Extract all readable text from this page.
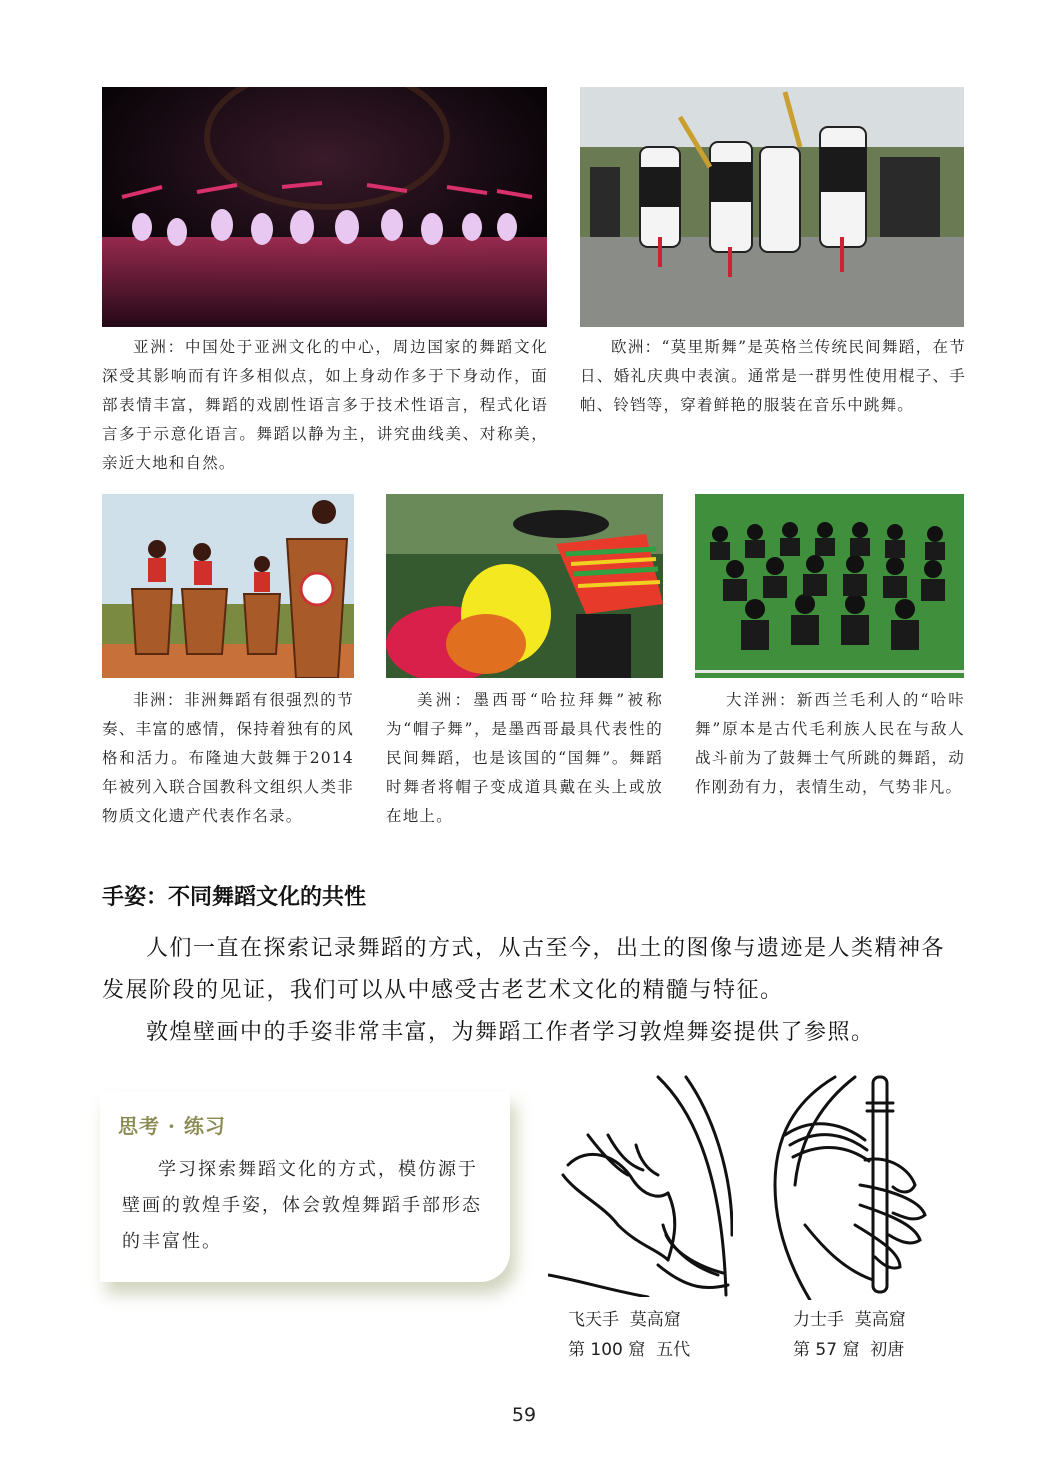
亚洲：中国处于亚洲文化的中心，周边国家的舞蹈文化深受其影响而有许多相似点，如上身动作多于下身动作，面部表情丰富，舞蹈的戏剧性语言多于技术性语言，程式化语言多于示意化语言。舞蹈以静为主，讲究曲线美、对称美，亲近大地和自然。
欧洲：“莫里斯舞”是英格兰传统民间舞蹈，在节日、婚礼庆典中表演。通常是一群男性使用棍子、手帕、铃铛等，穿着鲜艳的服装在音乐中跳舞。
非洲：非洲舞蹈有很强烈的节奏、丰富的感情，保持着独有的风格和活力。布隆迪大鼓舞于2014年被列入联合国教科文组织人类非物质文化遗产代表作名录。
美洲：墨西哥“哈拉拜舞”被称为“帽子舞”，是墨西哥最具代表性的民间舞蹈，也是该国的“国舞”。舞蹈时舞者将帽子变成道具戴在头上或放在地上。
大洋洲：新西兰毛利人的“哈咔舞”原本是古代毛利族人民在与敌人战斗前为了鼓舞士气所跳的舞蹈，动作刚劲有力，表情生动，气势非凡。
手姿：不同舞蹈文化的共性
人们一直在探索记录舞蹈的方式，从古至今，出土的图像与遗迹是人类精神各发展阶段的见证，我们可以从中感受古老艺术文化的精髓与特征。
敦煌壁画中的手姿非常丰富，为舞蹈工作者学习敦煌舞姿提供了参照。
思考 · 练习
学习探索舞蹈文化的方式，模仿源于壁画的敦煌手姿，体会敦煌舞蹈手部形态的丰富性。
飞天手  莫高窟
第 100 窟  五代
力士手  莫高窟
第 57 窟  初唐
59
